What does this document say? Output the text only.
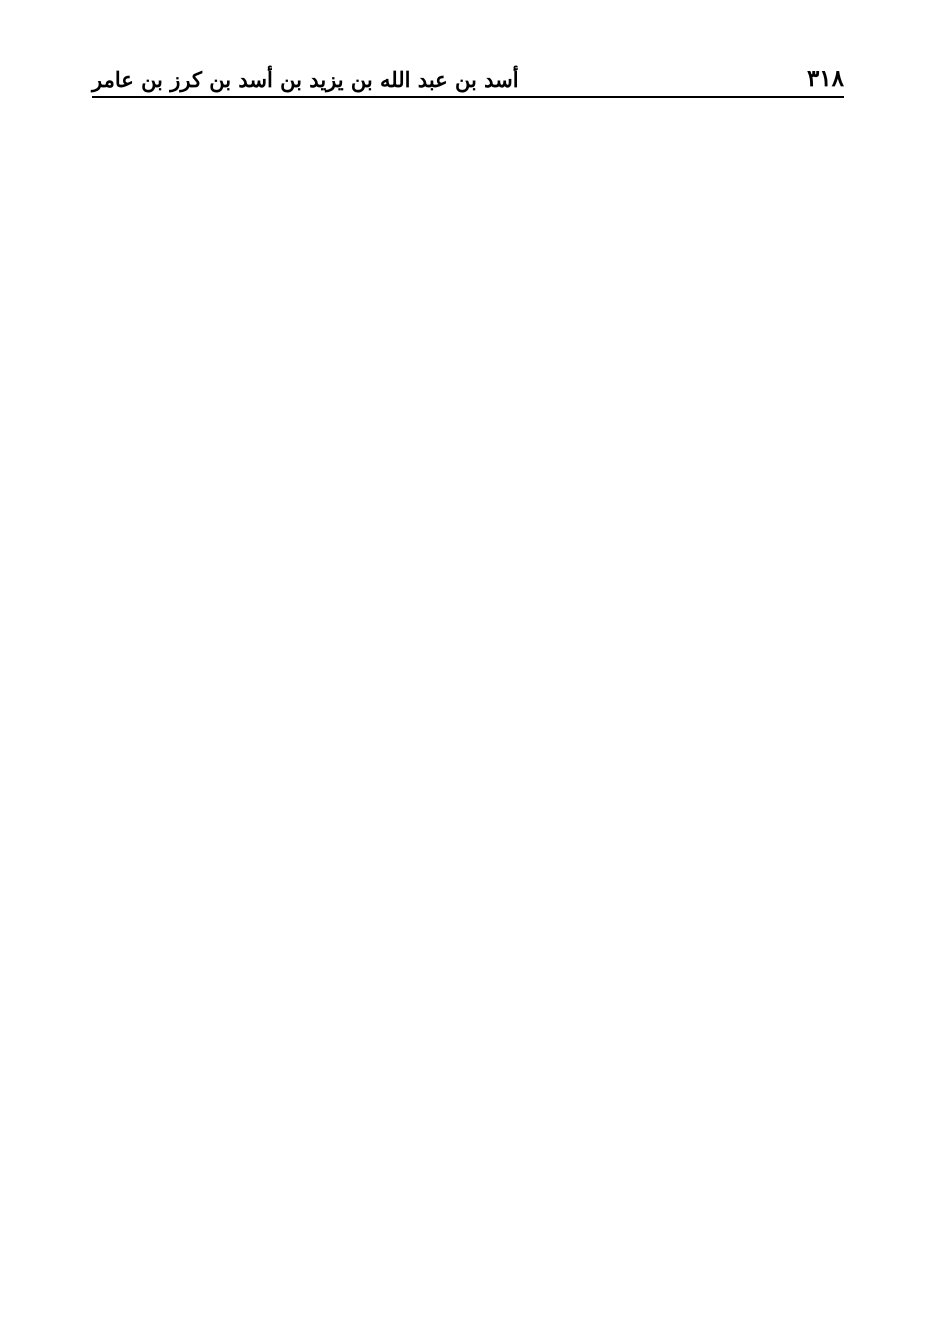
٣١٨
أسد بن عبد الله بن يزيد بن أسد بن كرز بن عامر
